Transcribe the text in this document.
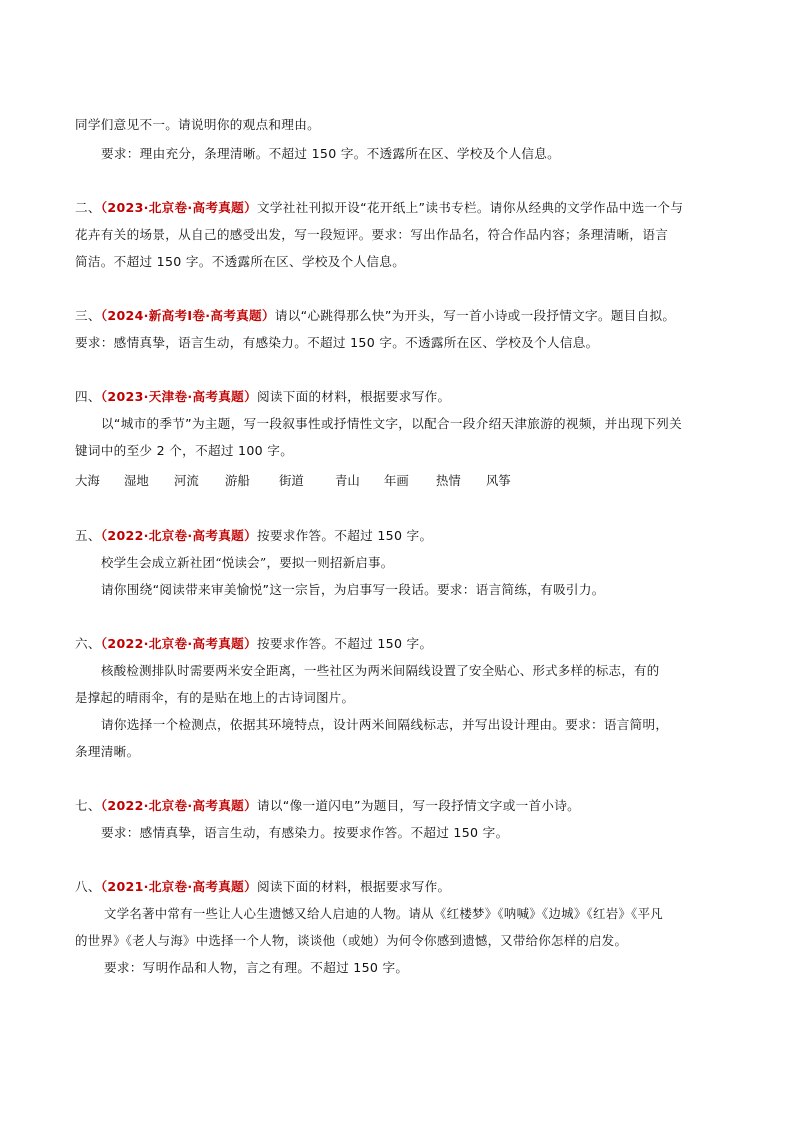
同学们意见不一。请说明你的观点和理由。
要求：理由充分，条理清晰。不超过 150 字。不透露所在区、学校及个人信息。
二、（2023·北京卷·高考真题）文学社社刊拟开设“花开纸上”读书专栏。请你从经典的文学作品中选一个与
花卉有关的场景，从自己的感受出发，写一段短评。要求：写出作品名，符合作品内容；条理清晰，语言
简洁。不超过 150 字。不透露所在区、学校及个人信息。
三、（2024·新高考Ⅰ卷·高考真题）请以“心跳得那么快”为开头，写一首小诗或一段抒情文字。题目自拟。
要求：感情真挚，语言生动，有感染力。不超过 150 字。不透露所在区、学校及个人信息。
四、（2023·天津卷·高考真题）阅读下面的材料，根据要求写作。
以“城市的季节”为主题，写一段叙事性或抒情性文字，以配合一段介绍天津旅游的视频，并出现下列关
键词中的至少 2 个，不超过 100 字。
大海 湿地 河流 游船 街道	青山 年画 热情 风筝
五、（2022·北京卷·高考真题）按要求作答。不超过 150 字。
校学生会成立新社团“悦读会”，要拟一则招新启事。
请你围绕“阅读带来审美愉悦”这一宗旨，为启事写一段话。要求：语言简练，有吸引力。
六、（2022·北京卷·高考真题）按要求作答。不超过 150 字。
核酸检测排队时需要两米安全距离，一些社区为两米间隔线设置了安全贴心、形式多样的标志，有的
是撑起的晴雨伞，有的是贴在地上的古诗词图片。
请你选择一个检测点，依据其环境特点，设计两米间隔线标志，并写出设计理由。要求：语言简明，
条理清晰。
七、（2022·北京卷·高考真题）请以“像一道闪电”为题目，写一段抒情文字或一首小诗。
要求：感情真挚，语言生动，有感染力。按要求作答。不超过 150 字。
八、（2021·北京卷·高考真题）阅读下面的材料，根据要求写作。
文学名著中常有一些让人心生遗憾又给人启迪的人物。请从《红楼梦》《呐喊》《边城》《红岩》《平凡
的世界》《老人与海》中选择一个人物，谈谈他（或她）为何令你感到遗憾，又带给你怎样的启发。
要求：写明作品和人物，言之有理。不超过 150 字。
